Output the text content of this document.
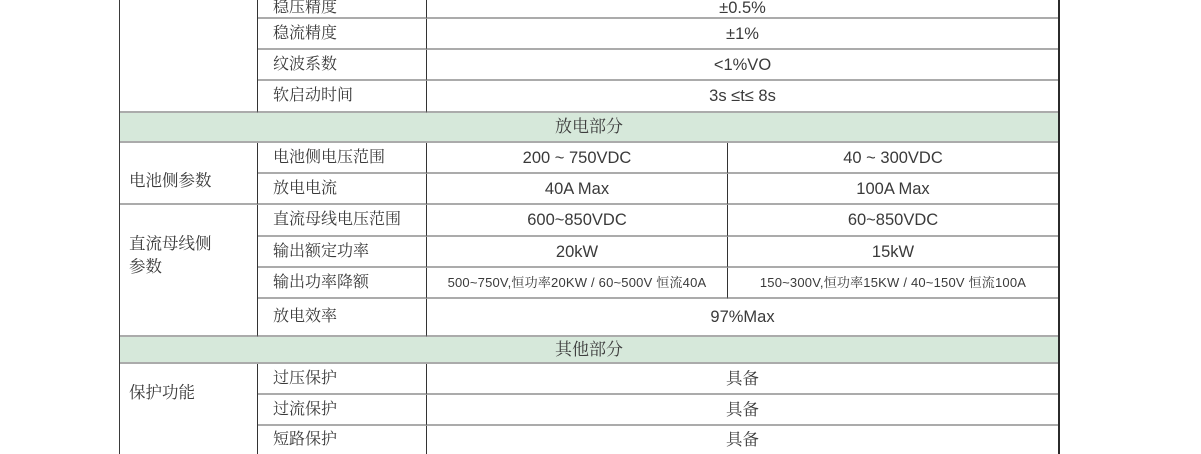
稳压精度	±0.5%
稳流精度	±1%
纹波系数	<1%VO
软启动时间	3s ≤t≤ 8s
放电部分
电池侧参数
电池侧电压范围	200 ~ 750VDC	40 ~ 300VDC
放电电流	40A Max	100A Max
直流母线侧参数
直流母线电压范围	600~850VDC	60~850VDC
输出额定功率	20kW	15kW
输出功率降额	500~750V,恒功率20KW / 60~500V 恒流40A	150~300V,恒功率15KW / 40~150V 恒流100A
放电效率	97%Max
其他部分
保护功能
过压保护	具备
过流保护	具备
短路保护	具备
